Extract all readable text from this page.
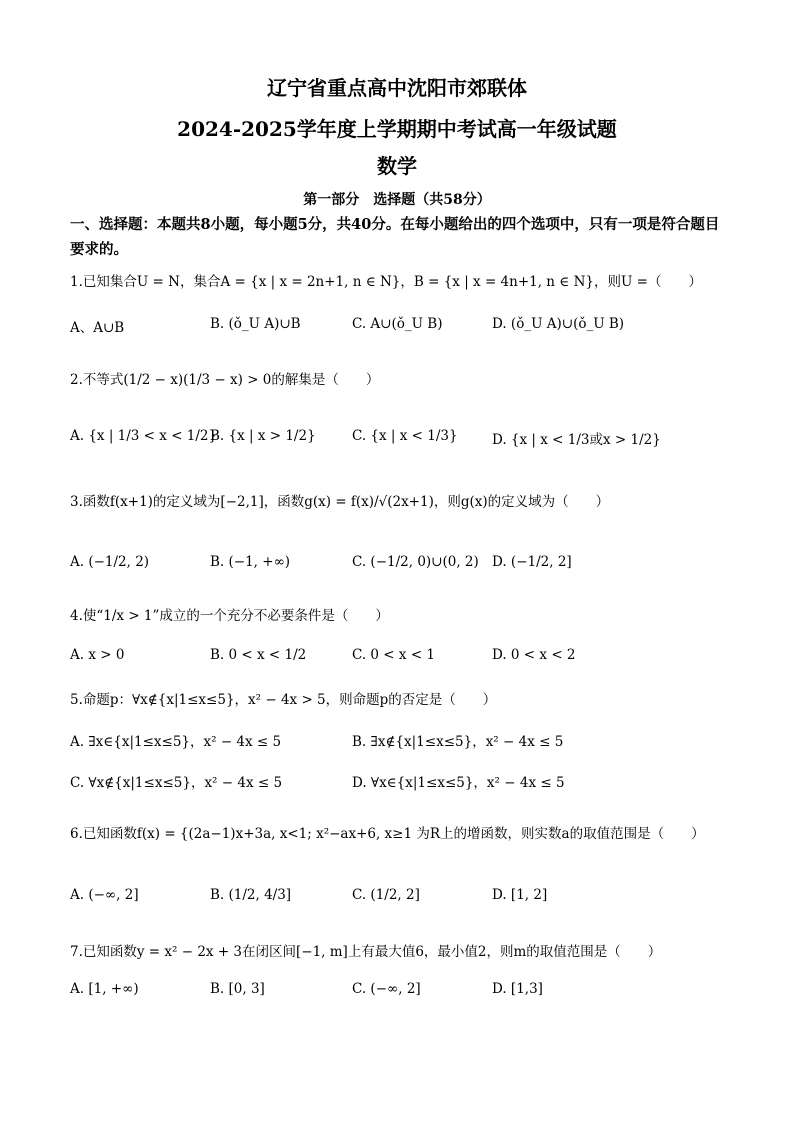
辽宁省重点高中沈阳市郊联体
2024-2025学年度上学期期中考试高一年级试题
数学
第一部分　选择题（共58分）
一、选择题：本题共8小题，每小题5分，共40分。在每小题给出的四个选项中，只有一项是符合题目要求的。
1.已知集合U = N，集合A = {x | x = 2n+1, n ∈ N}，B = {x | x = 4n+1, n ∈ N}，则U =（　　）
A、A∪B	B. (ǒ_U A)∪B	C. A∪(ǒ_U B)	D. (ǒ_U A)∪(ǒ_U B)
2.不等式(1/2 − x)(1/3 − x) > 0的解集是（　　）
A. {x | 1/3 < x < 1/2}
B. {x | x > 1/2}	C. {x | x < 1/3}	D. {x | x < 1/3或x > 1/2}
3.函数f(x+1)的定义域为[−2,1]，函数g(x) = f(x)/√(2x+1)，则g(x)的定义域为（　　）
A. (−1/2, 2)	B. (−1, +∞)	C. (−1/2, 0)∪(0, 2) D. (−1/2, 2]
4.使“1/x > 1”成立的一个充分不必要条件是（　　）
A. x > 0	B. 0 < x < 1/2	C. 0 < x < 1	D. 0 < x < 2
5.命题p：∀x∉{x|1≤x≤5}，x² − 4x > 5，则命题p的否定是（　　）
A. ∃x∈{x|1≤x≤5}，x² − 4x ≤ 5	B. ∃x∉{x|1≤x≤5}，x² − 4x ≤ 5
C. ∀x∉{x|1≤x≤5}，x² − 4x ≤ 5	D. ∀x∈{x|1≤x≤5}，x² − 4x ≤ 5
6.已知函数f(x) = {(2a−1)x+3a, x<1; x²−ax+6, x≥1 为R上的增函数，则实数a的取值范围是（　　）
A. (−∞, 2]	B. (1/2, 4/3]	C. (1/2, 2]	D. [1, 2]
7.已知函数y = x² − 2x + 3在闭区间[−1, m]上有最大值6，最小值2，则m的取值范围是（　　）
A. [1, +∞)	B. [0, 3]	C. (−∞, 2]	D. [1,3]
